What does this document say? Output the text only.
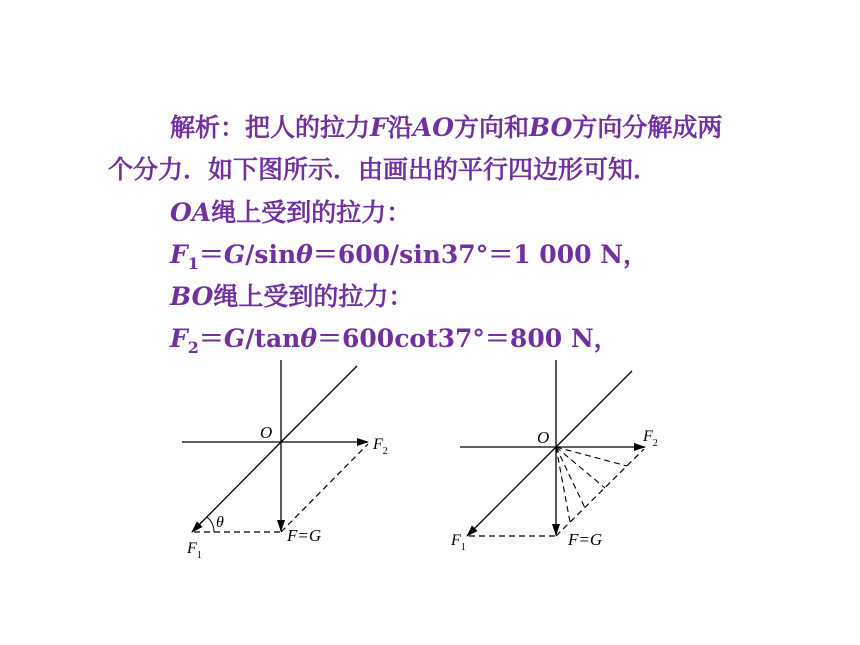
解析：把人的拉力F沿AO方向和BO方向分解成两
个分力．如下图所示．由画出的平行四边形可知．
OA绳上受到的拉力：
$F_1=G/\sin\theta=600/\sin 37^\circ=1$ 000 N，
BO绳上受到的拉力：
$F_2=G/\tan\theta=600\cot 37^\circ=800$ N，
O
$F_2$
θ
$F_1$
F=G
O	$F_2$
$F_1$	F=G
